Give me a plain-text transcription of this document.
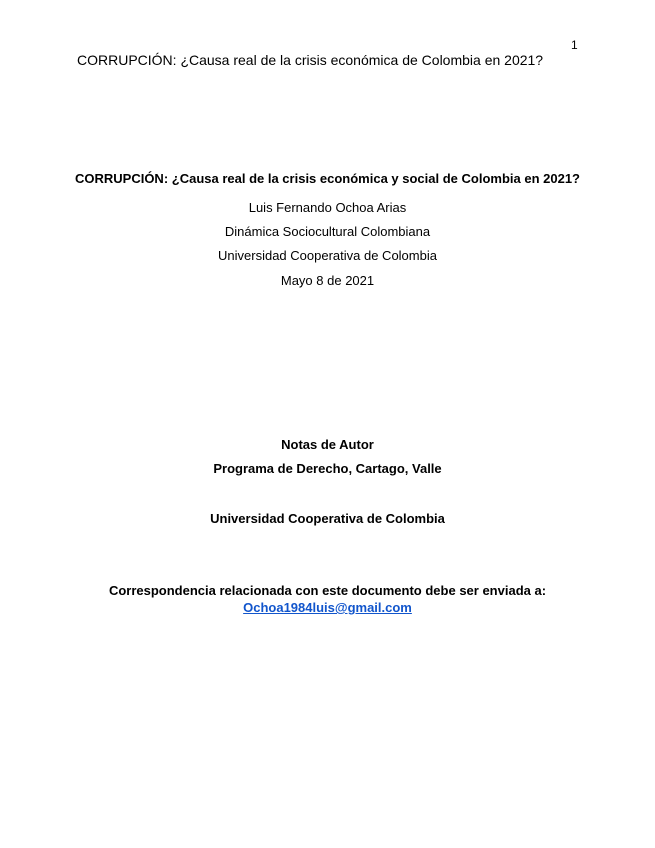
1
CORRUPCIÓN: ¿Causa real de la crisis económica de Colombia en 2021?
CORRUPCIÓN: ¿Causa real de la crisis económica y social de Colombia en 2021?
Luis Fernando Ochoa Arias
Dinámica Sociocultural Colombiana
Universidad Cooperativa de Colombia
Mayo 8 de 2021
Notas de Autor
Programa de Derecho, Cartago, Valle
Universidad Cooperativa de Colombia
Correspondencia relacionada con este documento debe ser enviada a:
Ochoa1984luis@gmail.com
